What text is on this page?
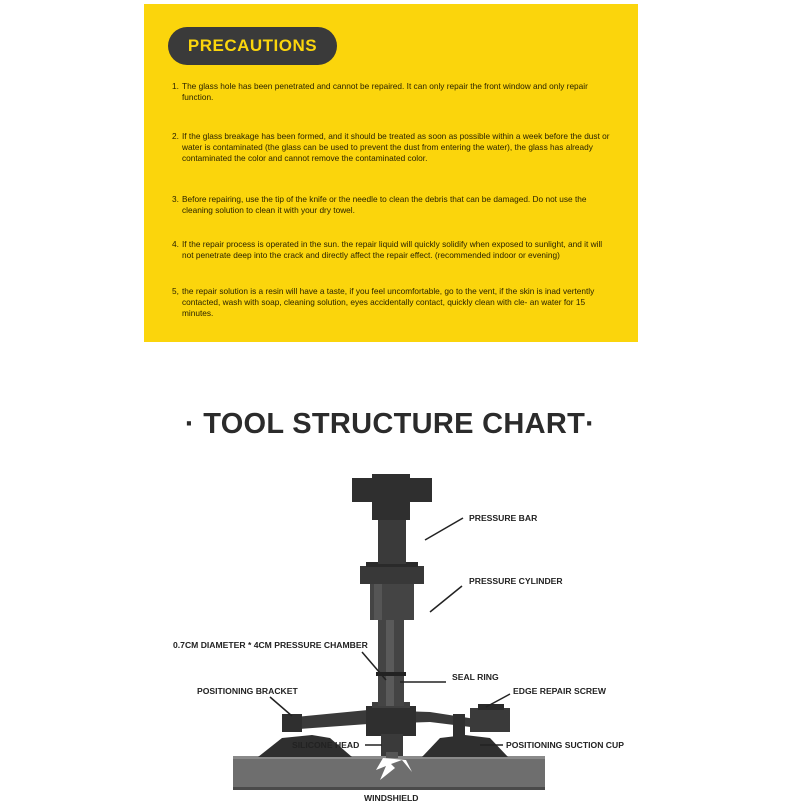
PRECAUTIONS
1. The glass hole has been penetrated and cannot be repaired. It can only repair the front window and only repair function.
2. If the glass breakage has been formed, and it should be treated as soon as possible within a week before the dust or water is contaminated (the glass can be used to prevent the dust from entering the water), the glass has already contaminated the color and cannot remove the contaminated color.
3. Before repairing, use the tip of the knife or the needle to clean the debris that can be damaged. Do not use the cleaning solution to clean it with your dry towel.
4. If the repair process is operated in the sun. the repair liquid will quickly solidify when exposed to sunlight, and it will not penetrate deep into the crack and directly affect the repair effect. (recommended indoor or evening)
5, the repair solution is a resin will have a taste, if you feel uncomfortable, go to the vent, if the skin is inad vertently contacted, wash with soap, cleaning solution, eyes accidentally contact, quickly clean with cle- an water for 15 minutes.
· TOOL STRUCTURE CHART·
PRESSURE BAR
PRESSURE CYLINDER
0.7CM DIAMETER * 4CM PRESSURE CHAMBER
SEAL RING
POSITIONING BRACKET	EDGE REPAIR SCREW
SILICONE HEAD	POSITIONING SUCTION CUP
WINDSHIELD
